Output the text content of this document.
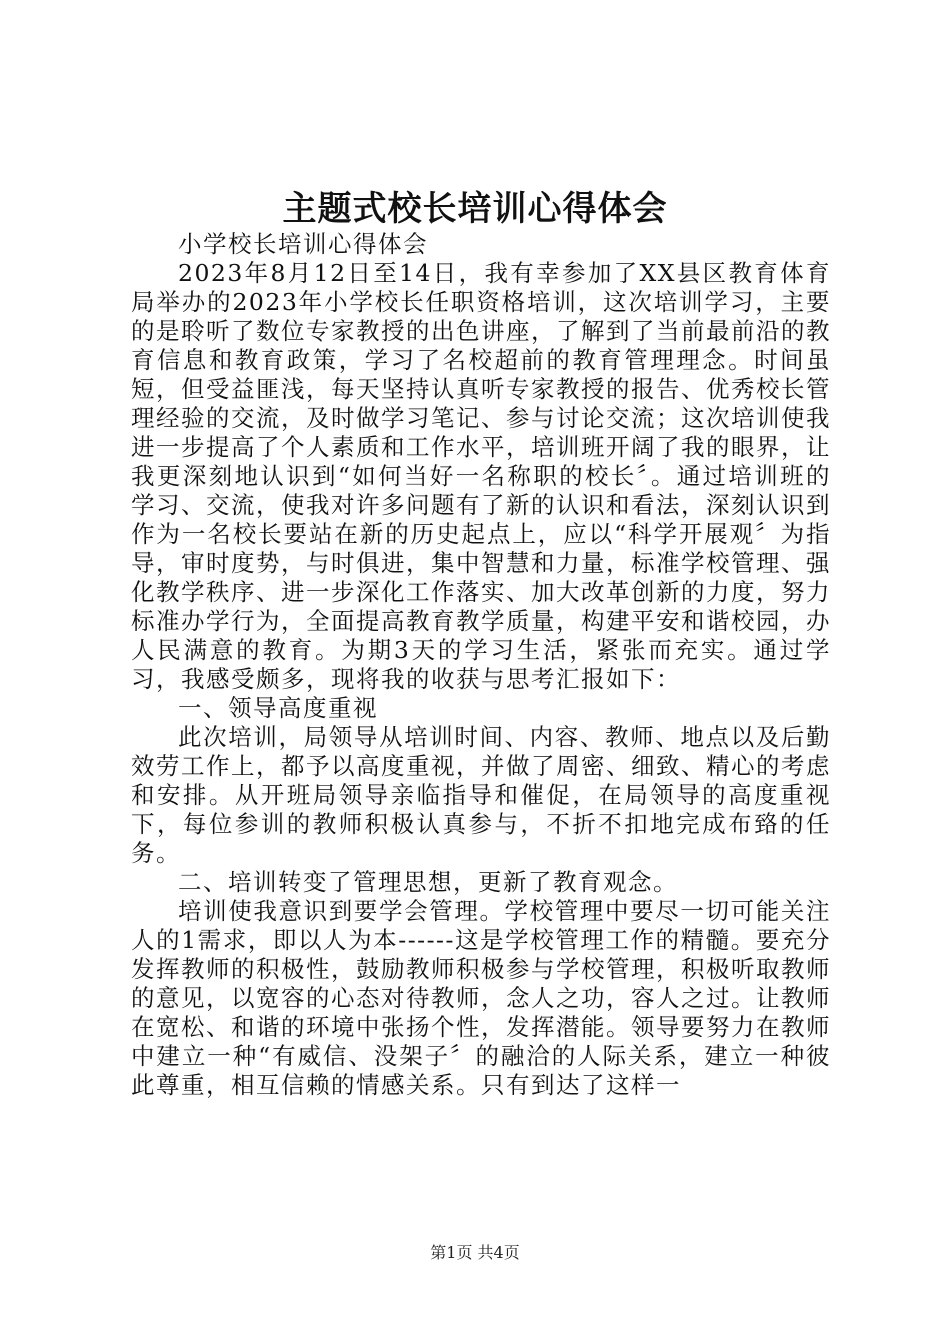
主题式校长培训心得体会

小学校长培训心得体会

2023年8月12日至14日，我有幸参加了XX县区教育体育局举办的2023年小学校长任职资格培训，这次培训学习，主要的是聆听了数位专家教授的出色讲座，了解到了当前最前沿的教育信息和教育政策，学习了名校超前的教育管理理念。时间虽短，但受益匪浅，每天坚持认真听专家教授的报告、优秀校长管理经验的交流，及时做学习笔记、参与讨论交流；这次培训使我进一步提高了个人素质和工作水平，培训班开阔了我的眼界，让我更深刻地认识到“如何当好一名称职的校长〞。通过培训班的学习、交流，使我对许多问题有了新的认识和看法，深刻认识到作为一名校长要站在新的历史起点上，应以“科学开展观〞为指导，审时度势，与时俱进，集中智慧和力量，标准学校管理、强化教学秩序、进一步深化工作落实、加大改革创新的力度，努力标准办学行为，全面提高教育教学质量，构建平安和谐校园，办人民满意的教育。为期3天的学习生活，紧张而充实。通过学习，我感受颇多，现将我的收获与思考汇报如下：

一、领导高度重视

此次培训，局领导从培训时间、内容、教师、地点以及后勤效劳工作上，都予以高度重视，并做了周密、细致、精心的考虑和安排。从开班局领导亲临指导和催促，在局领导的高度重视下，每位参训的教师积极认真参与，不折不扣地完成布臵的任务。

二、培训转变了管理思想，更新了教育观念。

培训使我意识到要学会管理。学校管理中要尽一切可能关注人的1需求，即以人为本------这是学校管理工作的精髓。要充分发挥教师的积极性，鼓励教师积极参与学校管理，积极听取教师的意见，以宽容的心态对待教师，念人之功，容人之过。让教师在宽松、和谐的环境中张扬个性，发挥潜能。领导要努力在教师中建立一种“有威信、没架子〞的融洽的人际关系，建立一种彼此尊重，相互信赖的情感关系。只有到达了这样一

第1页 共4页
